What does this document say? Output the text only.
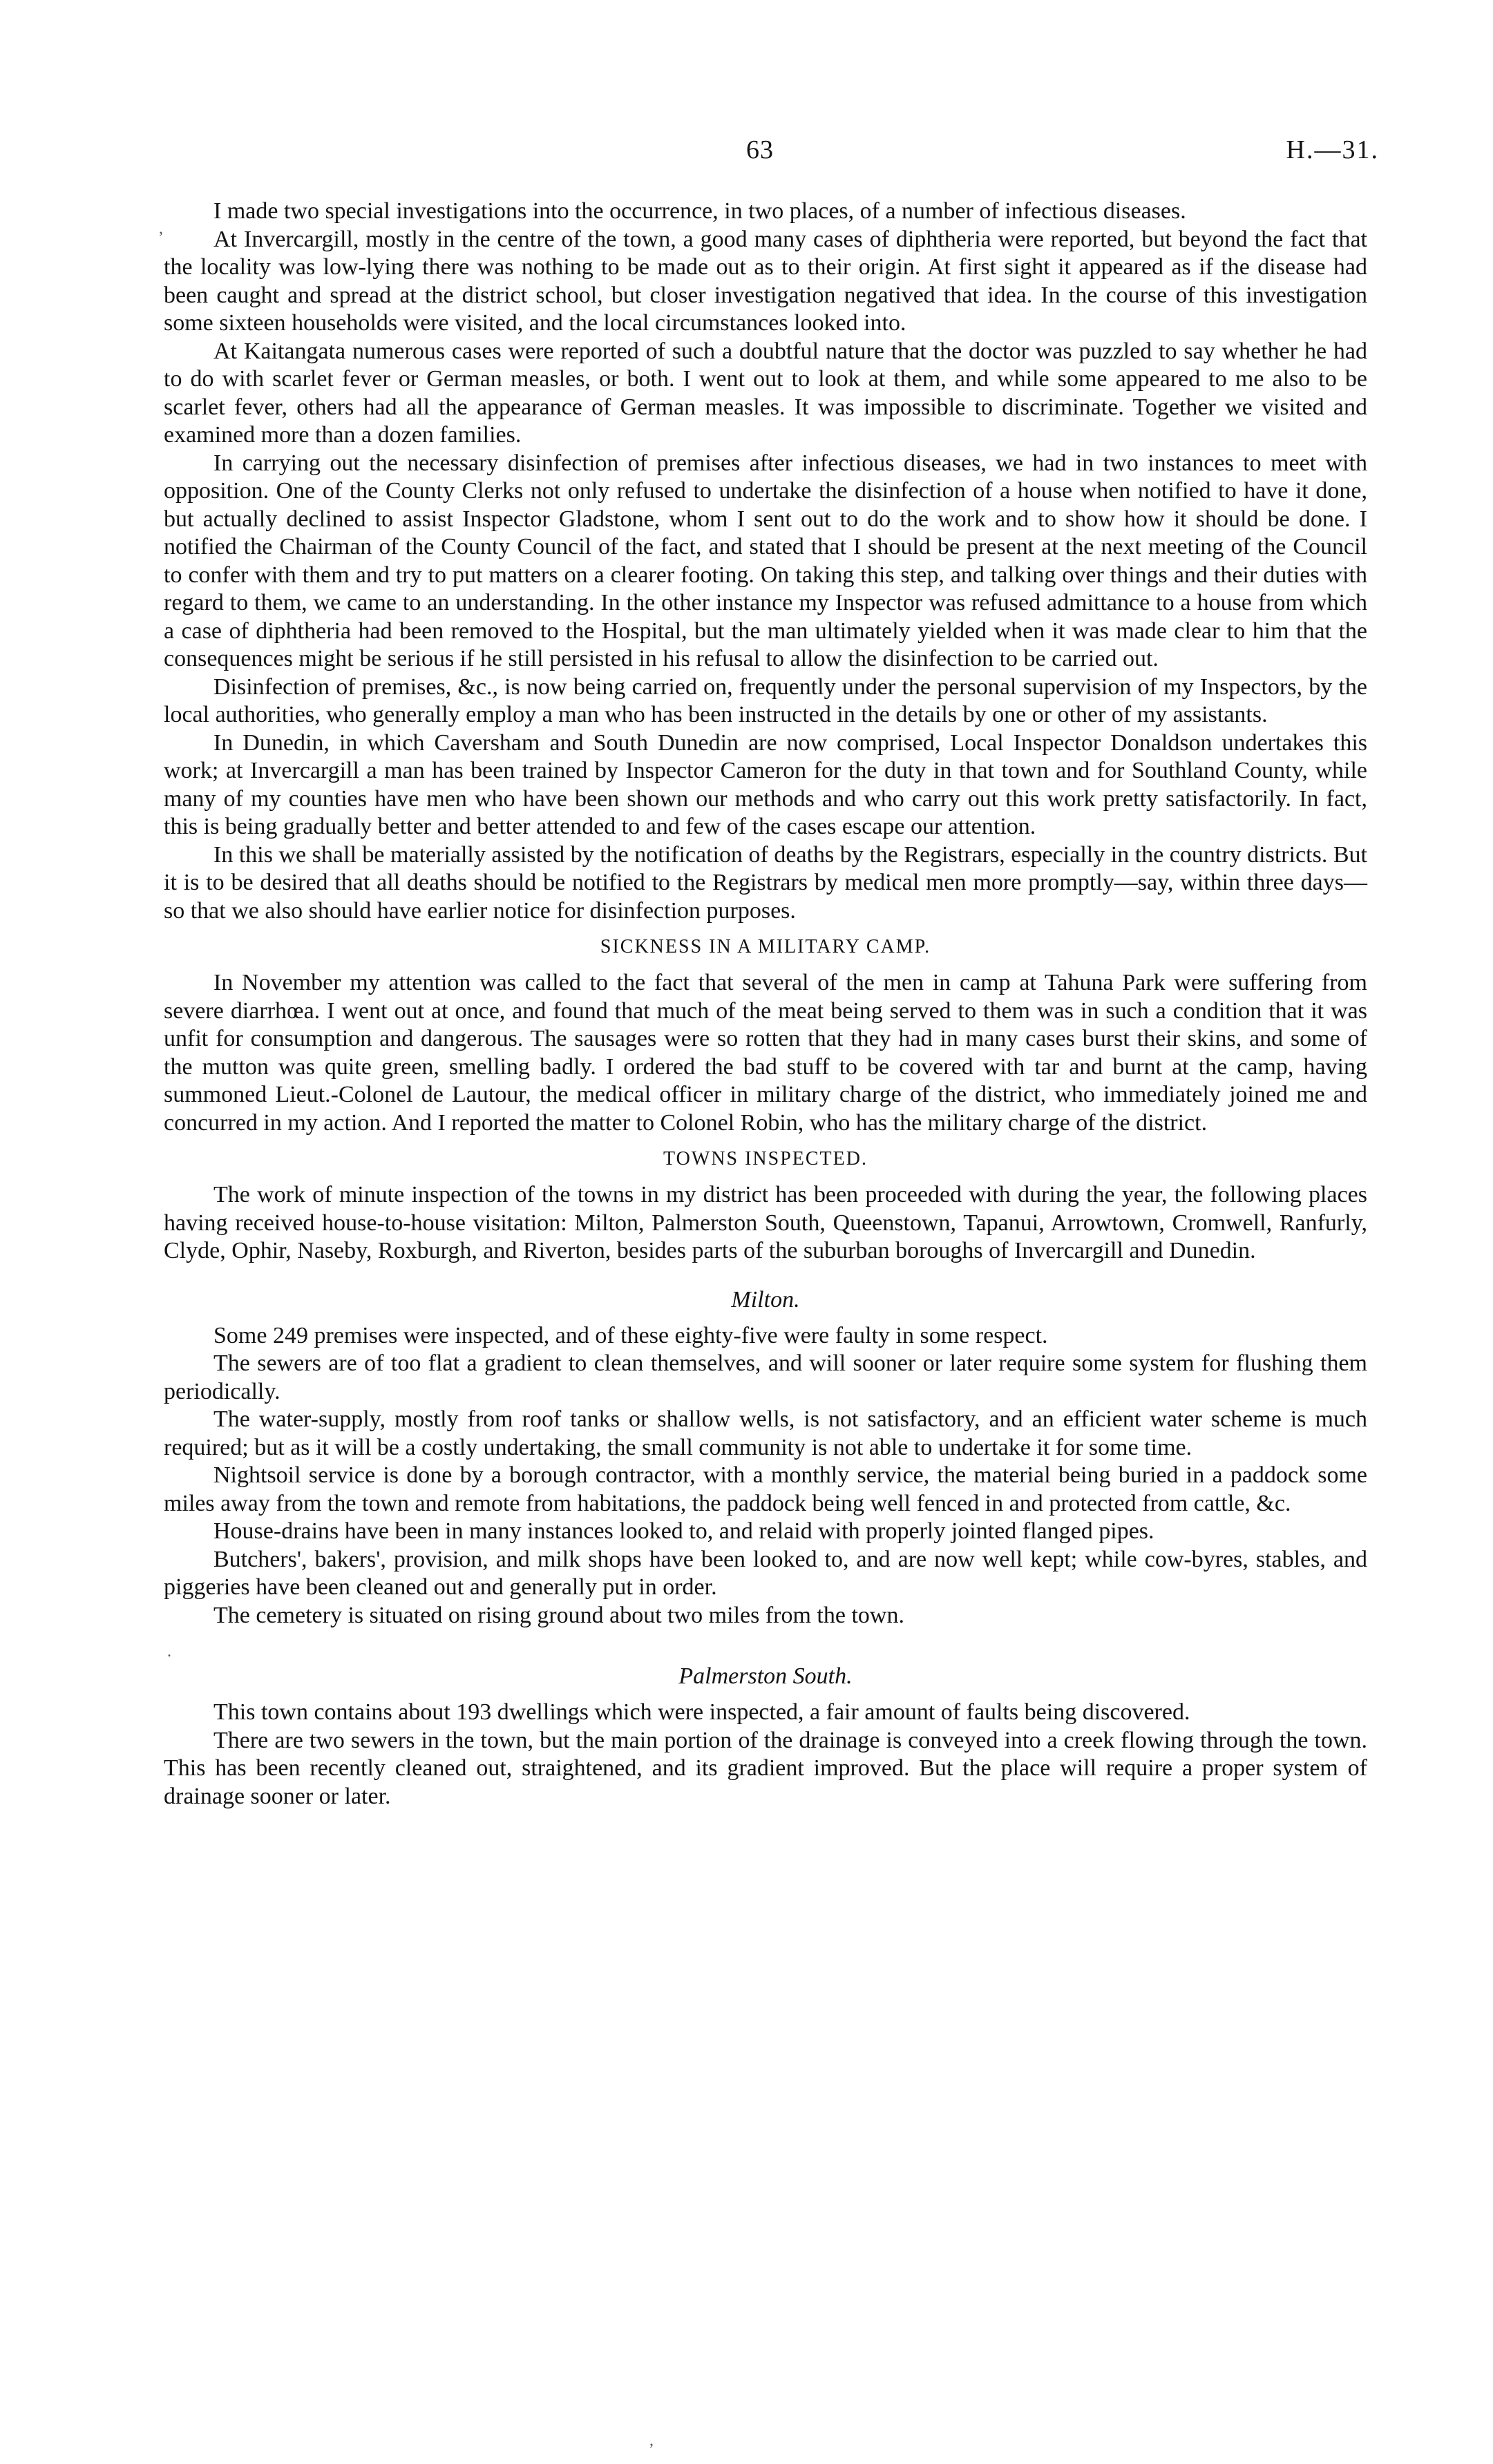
63	H.—31.
,
.
,

I made two special investigations into the occurrence, in two places, of a number of infectious diseases.

At Invercargill, mostly in the centre of the town, a good many cases of diphtheria were reported, but beyond the fact that the locality was low-lying there was nothing to be made out as to their origin. At first sight it appeared as if the disease had been caught and spread at the district school, but closer investigation negatived that idea. In the course of this investigation some sixteen households were visited, and the local circumstances looked into.

At Kaitangata numerous cases were reported of such a doubtful nature that the doctor was puzzled to say whether he had to do with scarlet fever or German measles, or both. I went out to look at them, and while some appeared to me also to be scarlet fever, others had all the appearance of German measles. It was impossible to discriminate. Together we visited and examined more than a dozen families.

In carrying out the necessary disinfection of premises after infectious diseases, we had in two instances to meet with opposition. One of the County Clerks not only refused to undertake the disinfection of a house when notified to have it done, but actually declined to assist Inspector Gladstone, whom I sent out to do the work and to show how it should be done. I notified the Chairman of the County Council of the fact, and stated that I should be present at the next meeting of the Council to confer with them and try to put matters on a clearer footing. On taking this step, and talking over things and their duties with regard to them, we came to an understanding. In the other instance my Inspector was refused admittance to a house from which a case of diphtheria had been removed to the Hospital, but the man ultimately yielded when it was made clear to him that the consequences might be serious if he still persisted in his refusal to allow the disinfection to be carried out.

Disinfection of premises, &c., is now being carried on, frequently under the personal supervision of my Inspectors, by the local authorities, who generally employ a man who has been instructed in the details by one or other of my assistants.

In Dunedin, in which Caversham and South Dunedin are now comprised, Local Inspector Donaldson undertakes this work; at Invercargill a man has been trained by Inspector Cameron for the duty in that town and for Southland County, while many of my counties have men who have been shown our methods and who carry out this work pretty satisfactorily. In fact, this is being gradually better and better attended to and few of the cases escape our attention.

In this we shall be materially assisted by the notification of deaths by the Registrars, especially in the country districts. But it is to be desired that all deaths should be notified to the Registrars by medical men more promptly—say, within three days—so that we also should have earlier notice for disinfection purposes.

SICKNESS IN A MILITARY CAMP.

In November my attention was called to the fact that several of the men in camp at Tahuna Park were suffering from severe diarrhœa. I went out at once, and found that much of the meat being served to them was in such a condition that it was unfit for consumption and dangerous. The sausages were so rotten that they had in many cases burst their skins, and some of the mutton was quite green, smelling badly. I ordered the bad stuff to be covered with tar and burnt at the camp, having summoned Lieut.-Colonel de Lautour, the medical officer in military charge of the district, who immediately joined me and concurred in my action. And I reported the matter to Colonel Robin, who has the military charge of the district.

TOWNS INSPECTED.

The work of minute inspection of the towns in my district has been proceeded with during the year, the following places having received house-to-house visitation: Milton, Palmerston South, Queenstown, Tapanui, Arrowtown, Cromwell, Ranfurly, Clyde, Ophir, Naseby, Roxburgh, and Riverton, besides parts of the suburban boroughs of Invercargill and Dunedin.

Milton.

Some 249 premises were inspected, and of these eighty-five were faulty in some respect.

The sewers are of too flat a gradient to clean themselves, and will sooner or later require some system for flushing them periodically.

The water-supply, mostly from roof tanks or shallow wells, is not satisfactory, and an efficient water scheme is much required; but as it will be a costly undertaking, the small community is not able to undertake it for some time.

Nightsoil service is done by a borough contractor, with a monthly service, the material being buried in a paddock some miles away from the town and remote from habitations, the paddock being well fenced in and protected from cattle, &c.

House-drains have been in many instances looked to, and relaid with properly jointed flanged pipes.

Butchers', bakers', provision, and milk shops have been looked to, and are now well kept; while cow-byres, stables, and piggeries have been cleaned out and generally put in order.

The cemetery is situated on rising ground about two miles from the town.

Palmerston South.

This town contains about 193 dwellings which were inspected, a fair amount of faults being discovered.

There are two sewers in the town, but the main portion of the drainage is conveyed into a creek flowing through the town. This has been recently cleaned out, straightened, and its gradient improved. But the place will require a proper system of drainage sooner or later.
